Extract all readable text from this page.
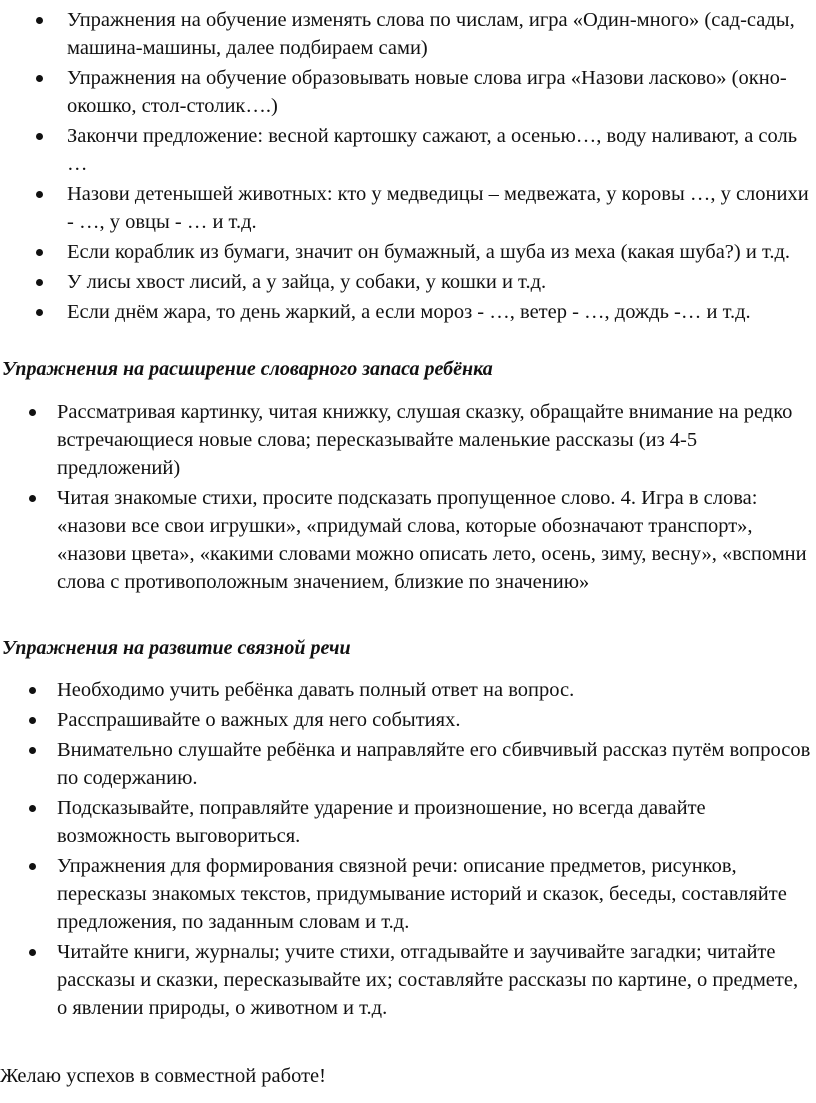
Упражнения на обучение изменять слова по числам, игра «Один-много» (сад-сады, машина-машины, далее подбираем сами)
Упражнения на обучение образовывать новые слова игра «Назови ласково» (окно-окошко, стол-столик….)
Закончи предложение: весной картошку сажают, а осенью…, воду наливают, а соль …
Назови детенышей животных: кто у медведицы – медвежата, у коровы …, у слонихи - …, у овцы - … и т.д.
Если кораблик из бумаги, значит он бумажный, а шуба из меха (какая шуба?) и т.д.
У лисы хвост лисий, а у зайца, у собаки, у кошки и т.д.
Если днём жара, то день жаркий, а если мороз - …, ветер - …, дождь -… и т.д.
Упражнения на расширение словарного запаса ребёнка
Рассматривая картинку, читая книжку, слушая сказку, обращайте внимание на редко встречающиеся новые слова; пересказывайте маленькие рассказы (из 4-5 предложений)
Читая знакомые стихи, просите подсказать пропущенное слово. 4. Игра в слова: «назови все свои игрушки», «придумай слова, которые обозначают транспорт», «назови цвета», «какими словами можно описать лето, осень, зиму, весну», «вспомни слова с противоположным значением, близкие по значению»
Упражнения на развитие связной речи
Необходимо учить ребёнка давать полный ответ на вопрос.
Расспрашивайте о важных для него событиях.
Внимательно слушайте ребёнка и направляйте его сбивчивый рассказ путём вопросов по содержанию.
Подсказывайте, поправляйте ударение и произношение, но всегда давайте возможность выговориться.
Упражнения для формирования связной речи: описание предметов, рисунков, пересказы знакомых текстов, придумывание историй и сказок, беседы, составляйте предложения, по заданным словам и т.д.
Читайте книги, журналы; учите стихи, отгадывайте и заучивайте загадки; читайте рассказы и сказки, пересказывайте их; составляйте рассказы по картине, о предмете, о явлении природы, о животном и т.д.

Желаю успехов в совместной работе!
